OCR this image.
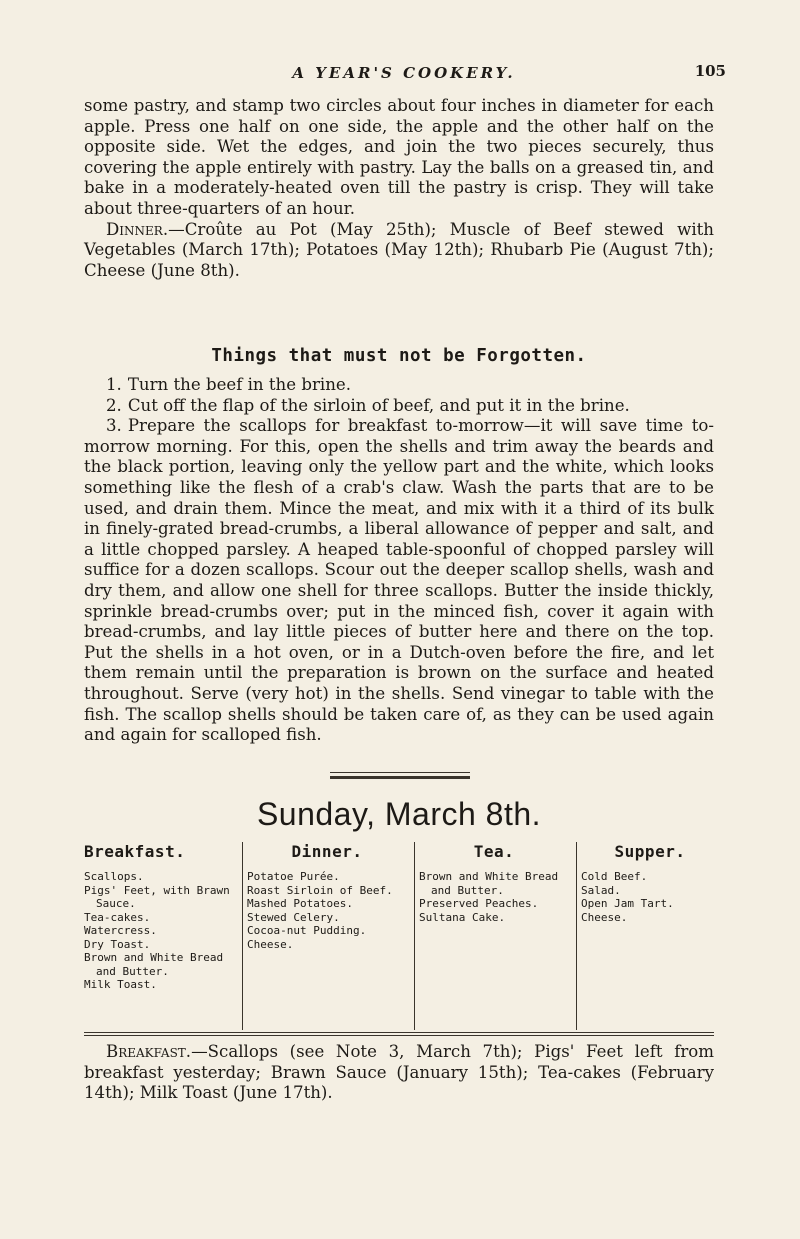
A YEAR'S COOKERY.	105

some pastry, and stamp two circles about four inches in diameter for each apple. Press one half on one side, the apple and the other half on the opposite side. Wet the edges, and join the two pieces securely, thus covering the apple entirely with pastry. Lay the balls on a greased tin, and bake in a moderately-heated oven till the pastry is crisp. They will take about three-quarters of an hour.

Dinner.—Croûte au Pot (May 25th); Muscle of Beef stewed with Vegetables (March 17th); Potatoes (May 12th); Rhubarb Pie (August 7th); Cheese (June 8th).

Things that must not be Forgotten.
1. Turn the beef in the brine.
2. Cut off the flap of the sirloin of beef, and put it in the brine.
3. Prepare the scallops for breakfast to-morrow—it will save time to-morrow morning. For this, open the shells and trim away the beards and the black portion, leaving only the yellow part and the white, which looks something like the flesh of a crab's claw. Wash the parts that are to be used, and drain them. Mince the meat, and mix with it a third of its bulk in finely-grated bread-crumbs, a liberal allowance of pepper and salt, and a little chopped parsley. A heaped table-spoonful of chopped parsley will suffice for a dozen scallops. Scour out the deeper scallop shells, wash and dry them, and allow one shell for three scallops. Butter the inside thickly, sprinkle bread-crumbs over; put in the minced fish, cover it again with bread-crumbs, and lay little pieces of butter here and there on the top. Put the shells in a hot oven, or in a Dutch-oven before the fire, and let them remain until the preparation is brown on the surface and heated throughout. Serve (very hot) in the shells. Send vinegar to table with the fish. The scallop shells should be taken care of, as they can be used again and again for scalloped fish.
Sunday, March 8th.
Breakfast.
Scallops.
Pigs' Feet, with Brawn Sauce.
Tea-cakes.
Watercress.
Dry Toast.
Brown and White Bread and Butter.
Milk Toast.
Dinner.
Potatoe Purée.
Roast Sirloin of Beef.
Mashed Potatoes.
Stewed Celery.
Cocoa-nut Pudding.
Cheese.
Tea.
Brown and White Bread and Butter.
Preserved Peaches.
Sultana Cake.
Supper.
Cold Beef.
Salad.
Open Jam Tart.
Cheese.

Breakfast.—Scallops (see Note 3, March 7th); Pigs' Feet left from breakfast yesterday; Brawn Sauce (January 15th); Tea-cakes (February 14th); Milk Toast (June 17th).
